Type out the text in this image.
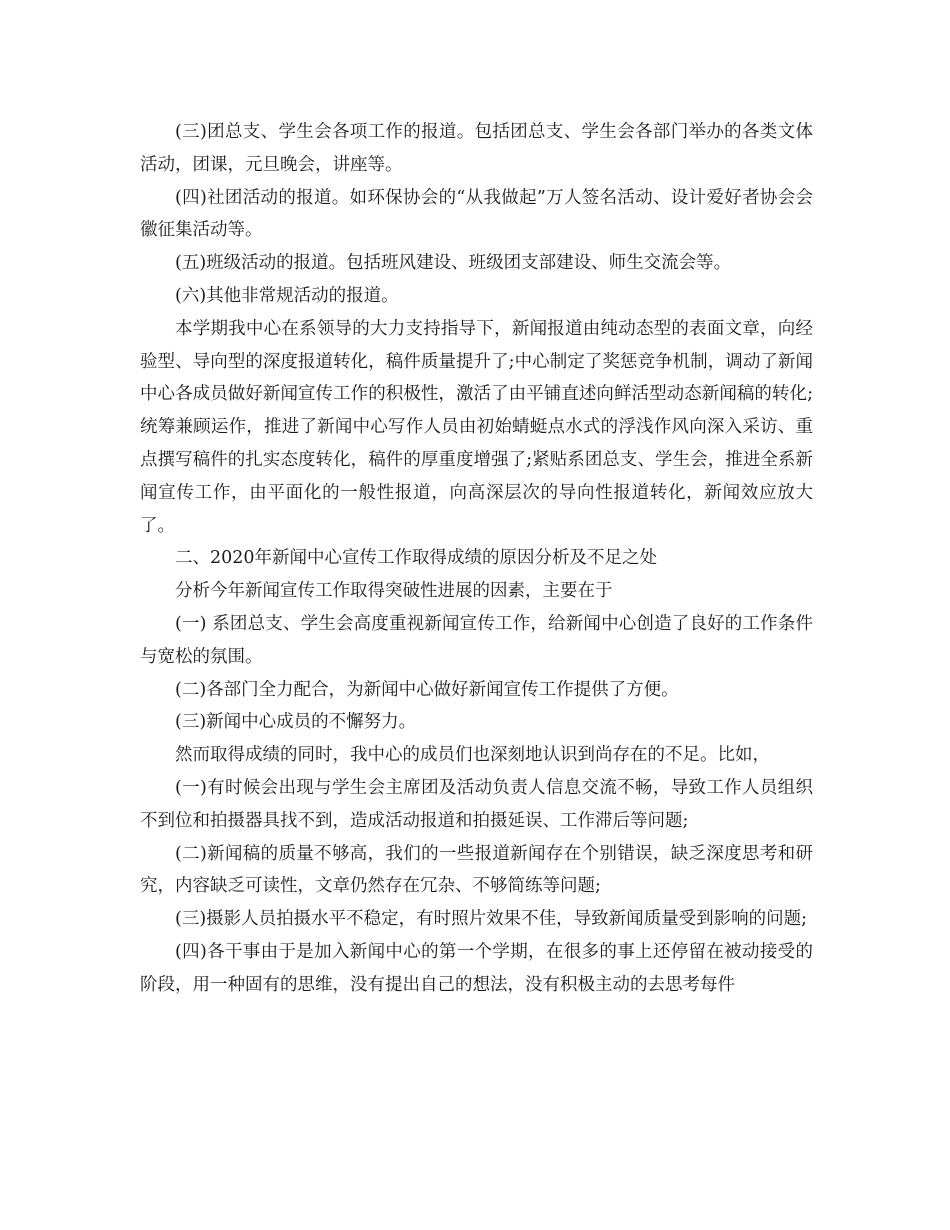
(三)团总支、学生会各项工作的报道。包括团总支、学生会各部门举办的各类文体活动，团课，元旦晚会，讲座等。

(四)社团活动的报道。如环保协会的“从我做起”万人签名活动、设计爱好者协会会徽征集活动等。

(五)班级活动的报道。包括班风建设、班级团支部建设、师生交流会等。

(六)其他非常规活动的报道。

本学期我中心在系领导的大力支持指导下，新闻报道由纯动态型的表面文章，向经验型、导向型的深度报道转化，稿件质量提升了;中心制定了奖惩竞争机制，调动了新闻中心各成员做好新闻宣传工作的积极性，激活了由平铺直述向鲜活型动态新闻稿的转化;统筹兼顾运作，推进了新闻中心写作人员由初始蜻蜓点水式的浮浅作风向深入采访、重点撰写稿件的扎实态度转化，稿件的厚重度增强了;紧贴系团总支、学生会，推进全系新闻宣传工作，由平面化的一般性报道，向高深层次的导向性报道转化，新闻效应放大了。

二、2020年新闻中心宣传工作取得成绩的原因分析及不足之处

分析今年新闻宣传工作取得突破性进展的因素，主要在于

(一) 系团总支、学生会高度重视新闻宣传工作，给新闻中心创造了良好的工作条件与宽松的氛围。

(二)各部门全力配合，为新闻中心做好新闻宣传工作提供了方便。

(三)新闻中心成员的不懈努力。

然而取得成绩的同时，我中心的成员们也深刻地认识到尚存在的不足。比如，

(一)有时候会出现与学生会主席团及活动负责人信息交流不畅，导致工作人员组织不到位和拍摄器具找不到，造成活动报道和拍摄延误、工作滞后等问题;

(二)新闻稿的质量不够高，我们的一些报道新闻存在个别错误，缺乏深度思考和研究，内容缺乏可读性，文章仍然存在冗杂、不够简练等问题;

(三)摄影人员拍摄水平不稳定，有时照片效果不佳，导致新闻质量受到影响的问题;

(四)各干事由于是加入新闻中心的第一个学期，在很多的事上还停留在被动接受的阶段，用一种固有的思维，没有提出自己的想法，没有积极主动的去思考每件
